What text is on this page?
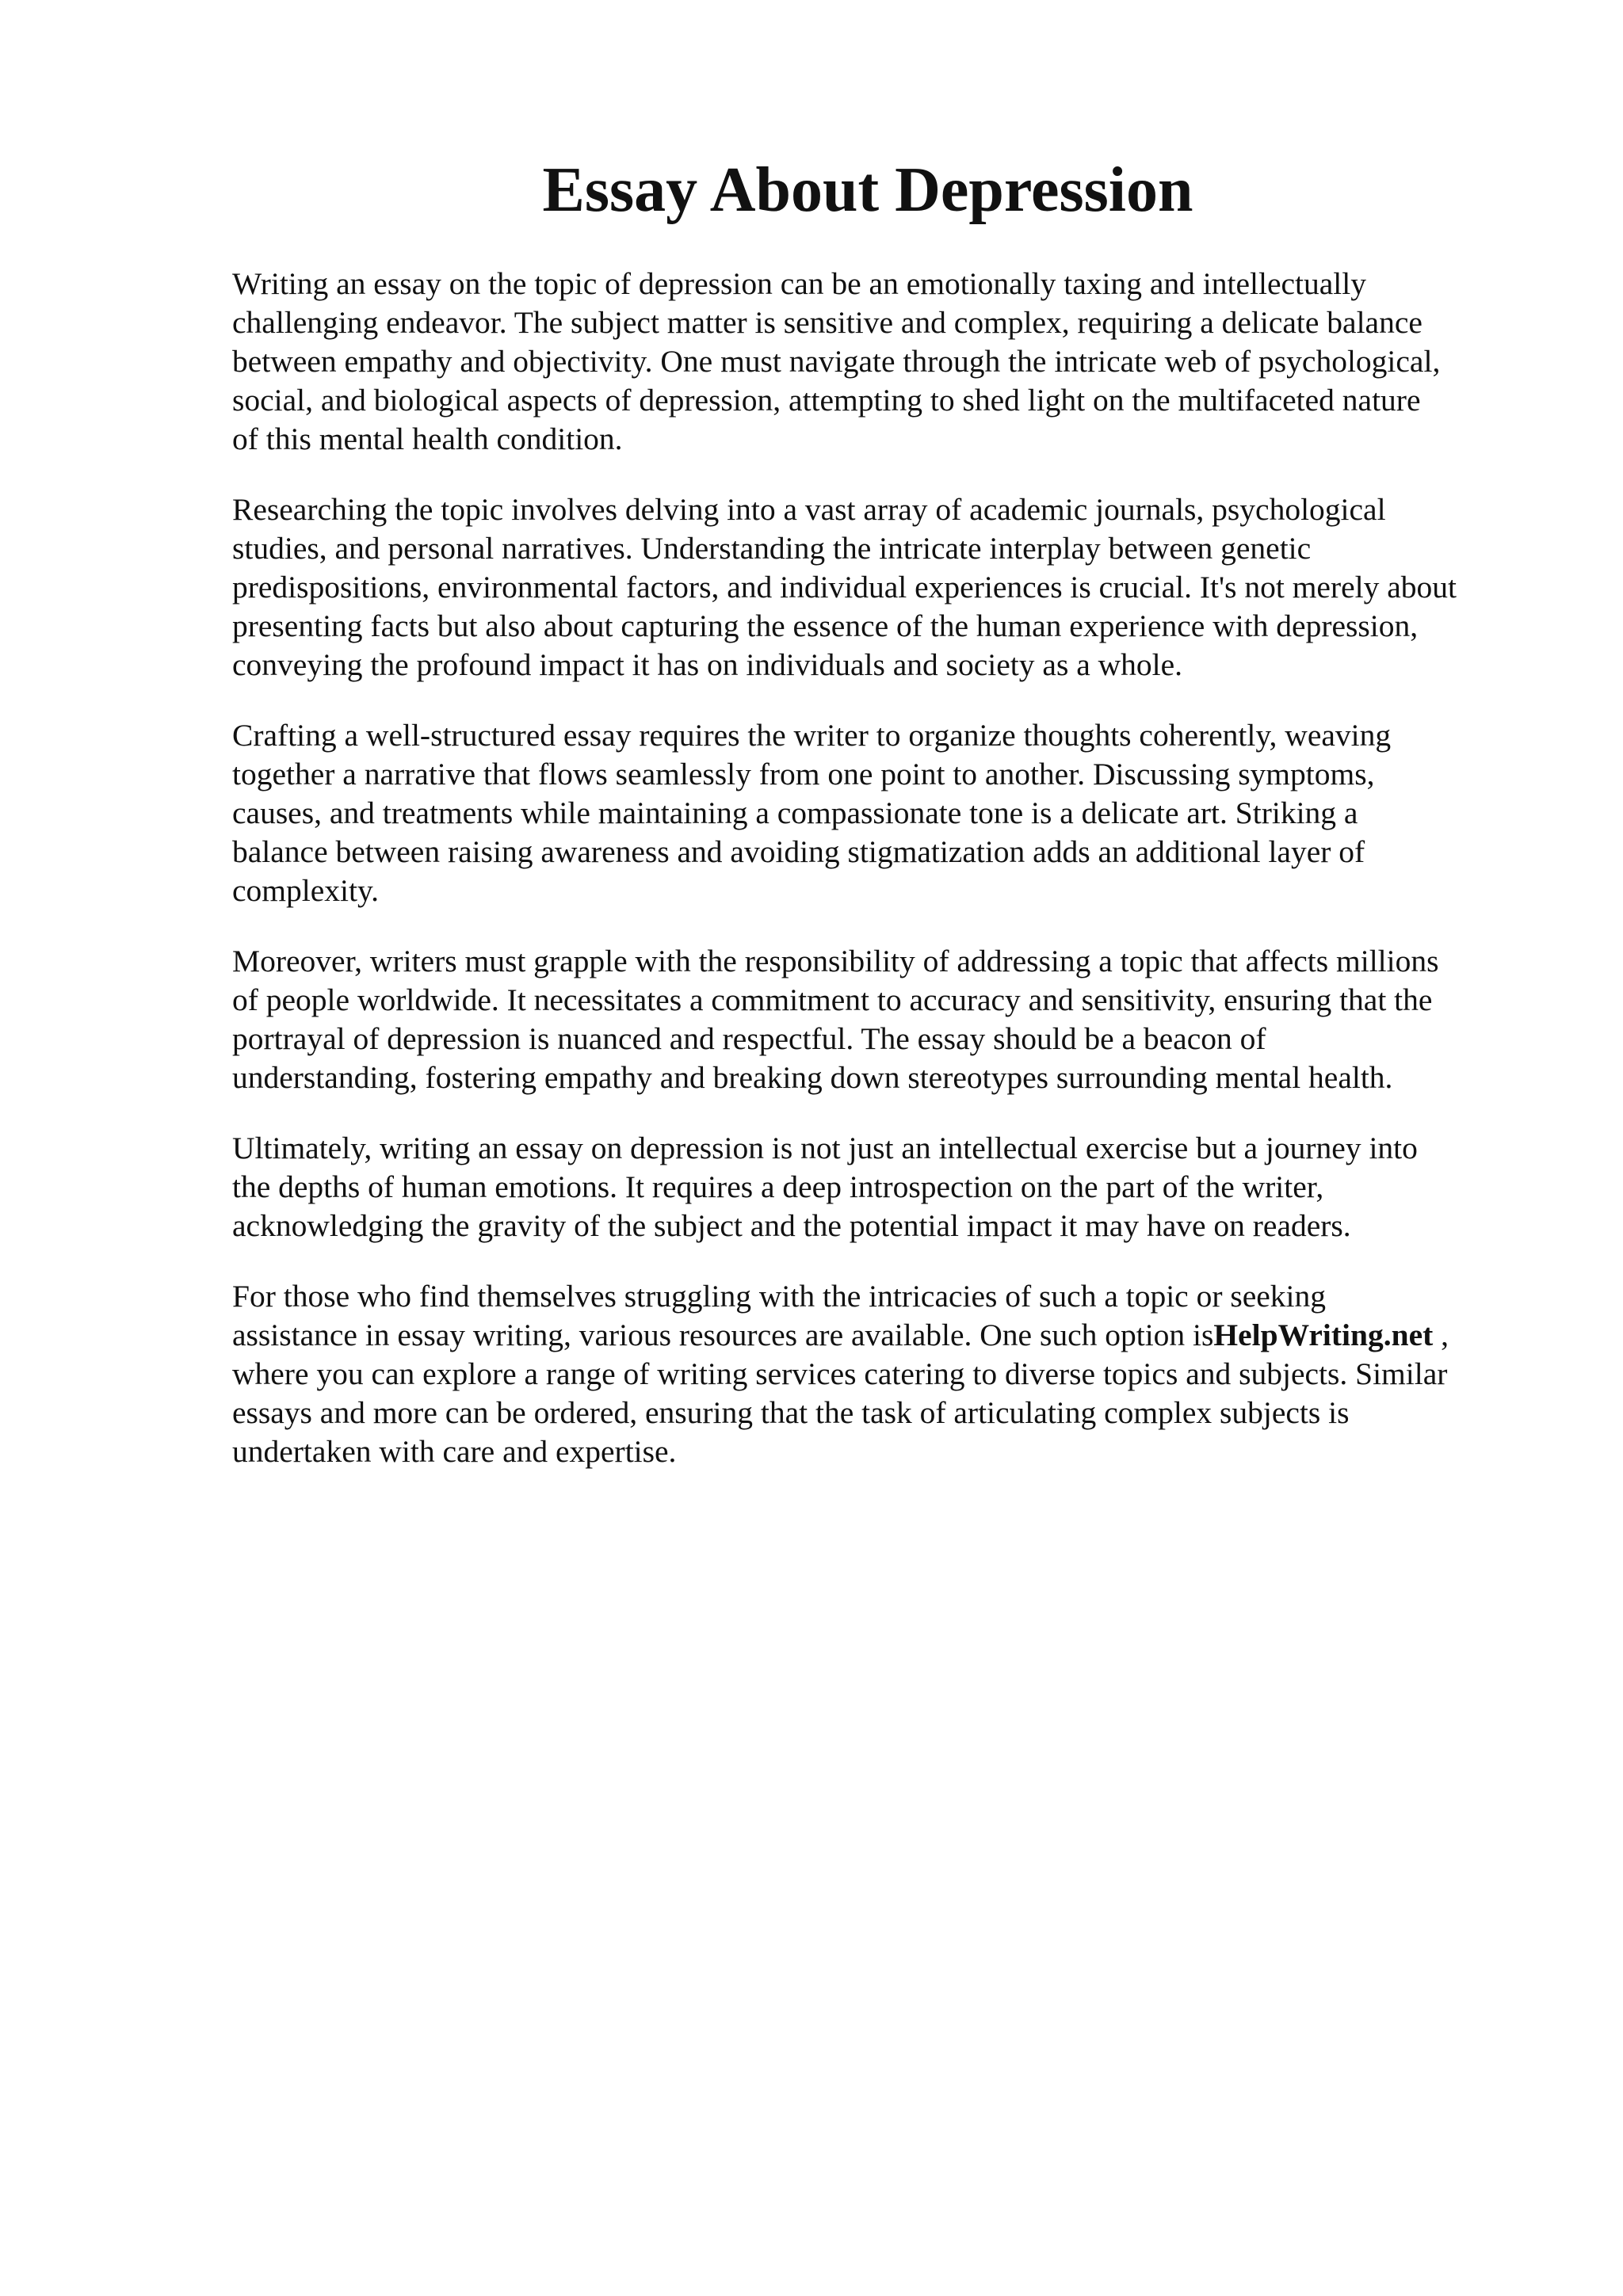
Essay About Depression

Writing an essay on the topic of depression can be an emotionally taxing and intellectually
challenging endeavor. The subject matter is sensitive and complex, requiring a delicate balance
between empathy and objectivity. One must navigate through the intricate web of psychological,
social, and biological aspects of depression, attempting to shed light on the multifaceted nature
of this mental health condition.

Researching the topic involves delving into a vast array of academic journals, psychological
studies, and personal narratives. Understanding the intricate interplay between genetic
predispositions, environmental factors, and individual experiences is crucial. It's not merely about
presenting facts but also about capturing the essence of the human experience with depression,
conveying the profound impact it has on individuals and society as a whole.

Crafting a well-structured essay requires the writer to organize thoughts coherently, weaving
together a narrative that flows seamlessly from one point to another. Discussing symptoms,
causes, and treatments while maintaining a compassionate tone is a delicate art. Striking a
balance between raising awareness and avoiding stigmatization adds an additional layer of
complexity.

Moreover, writers must grapple with the responsibility of addressing a topic that affects millions
of people worldwide. It necessitates a commitment to accuracy and sensitivity, ensuring that the
portrayal of depression is nuanced and respectful. The essay should be a beacon of
understanding, fostering empathy and breaking down stereotypes surrounding mental health.

Ultimately, writing an essay on depression is not just an intellectual exercise but a journey into
the depths of human emotions. It requires a deep introspection on the part of the writer,
acknowledging the gravity of the subject and the potential impact it may have on readers.

For those who find themselves struggling with the intricacies of such a topic or seeking
assistance in essay writing, various resources are available. One such option isHelpWriting.net ,
where you can explore a range of writing services catering to diverse topics and subjects. Similar
essays and more can be ordered, ensuring that the task of articulating complex subjects is
undertaken with care and expertise.
